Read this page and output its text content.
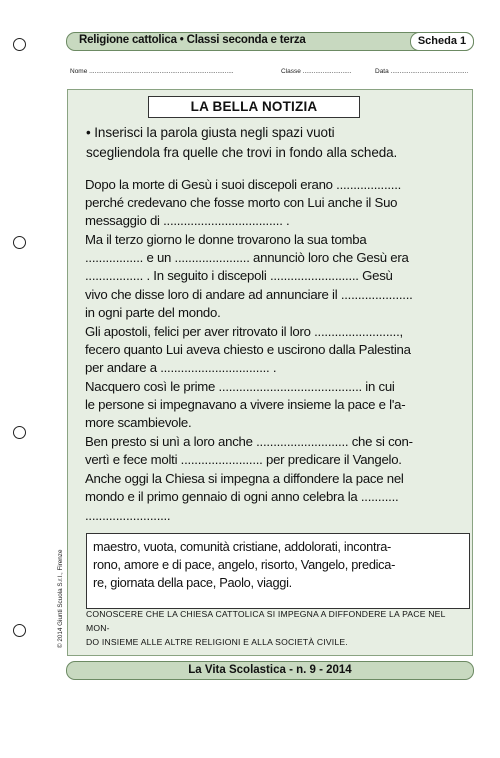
Religione cattolica • Classi seconda e terza	Scheda 1
Nome ................................................................................	Classe ...........................	Data ...........................................
LA BELLA NOTIZIA
• Inserisci la parola giusta negli spazi vuoti
scegliendola fra quelle che trovi in fondo alla scheda.
Dopo la morte di Gesù i suoi discepoli erano ...................
perché credevano che fosse morto con Lui anche il Suo
messaggio di ................................... .
Ma il terzo giorno le donne trovarono la sua tomba
................. e un ...................... annunciò loro che Gesù era
................. . In seguito i discepoli .......................... Gesù
vivo che disse loro di andare ad annunciare il .....................
in ogni parte del mondo.
Gli apostoli, felici per aver ritrovato il loro .........................,
fecero quanto Lui aveva chiesto e uscirono dalla Palestina
per andare a ................................ .
Nacquero così le prime .......................................... in cui
le persone si impegnavano a vivere insieme la pace e l'a-
more scambievole.
Ben presto si unì a loro anche ........................... che si con-
vertì e fece molti ........................ per predicare il Vangelo.
Anche oggi la Chiesa si impegna a diffondere la pace nel
mondo e il primo gennaio di ogni anno celebra la ...........
.........................
maestro, vuota, comunità cristiane, addolorati, incontra-
rono, amore e di pace, angelo, risorto, Vangelo, predica-
re, giornata della pace, Paolo, viaggi.
CONOSCERE CHE LA CHIESA CATTOLICA SI IMPEGNA A DIFFONDERE LA PACE NEL MON-
DO INSIEME ALLE ALTRE RELIGIONI E ALLA SOCIETÀ CIVILE.
La Vita Scolastica - n. 9 - 2014
© 2014 Giunti Scuola S.r.l., Firenze
